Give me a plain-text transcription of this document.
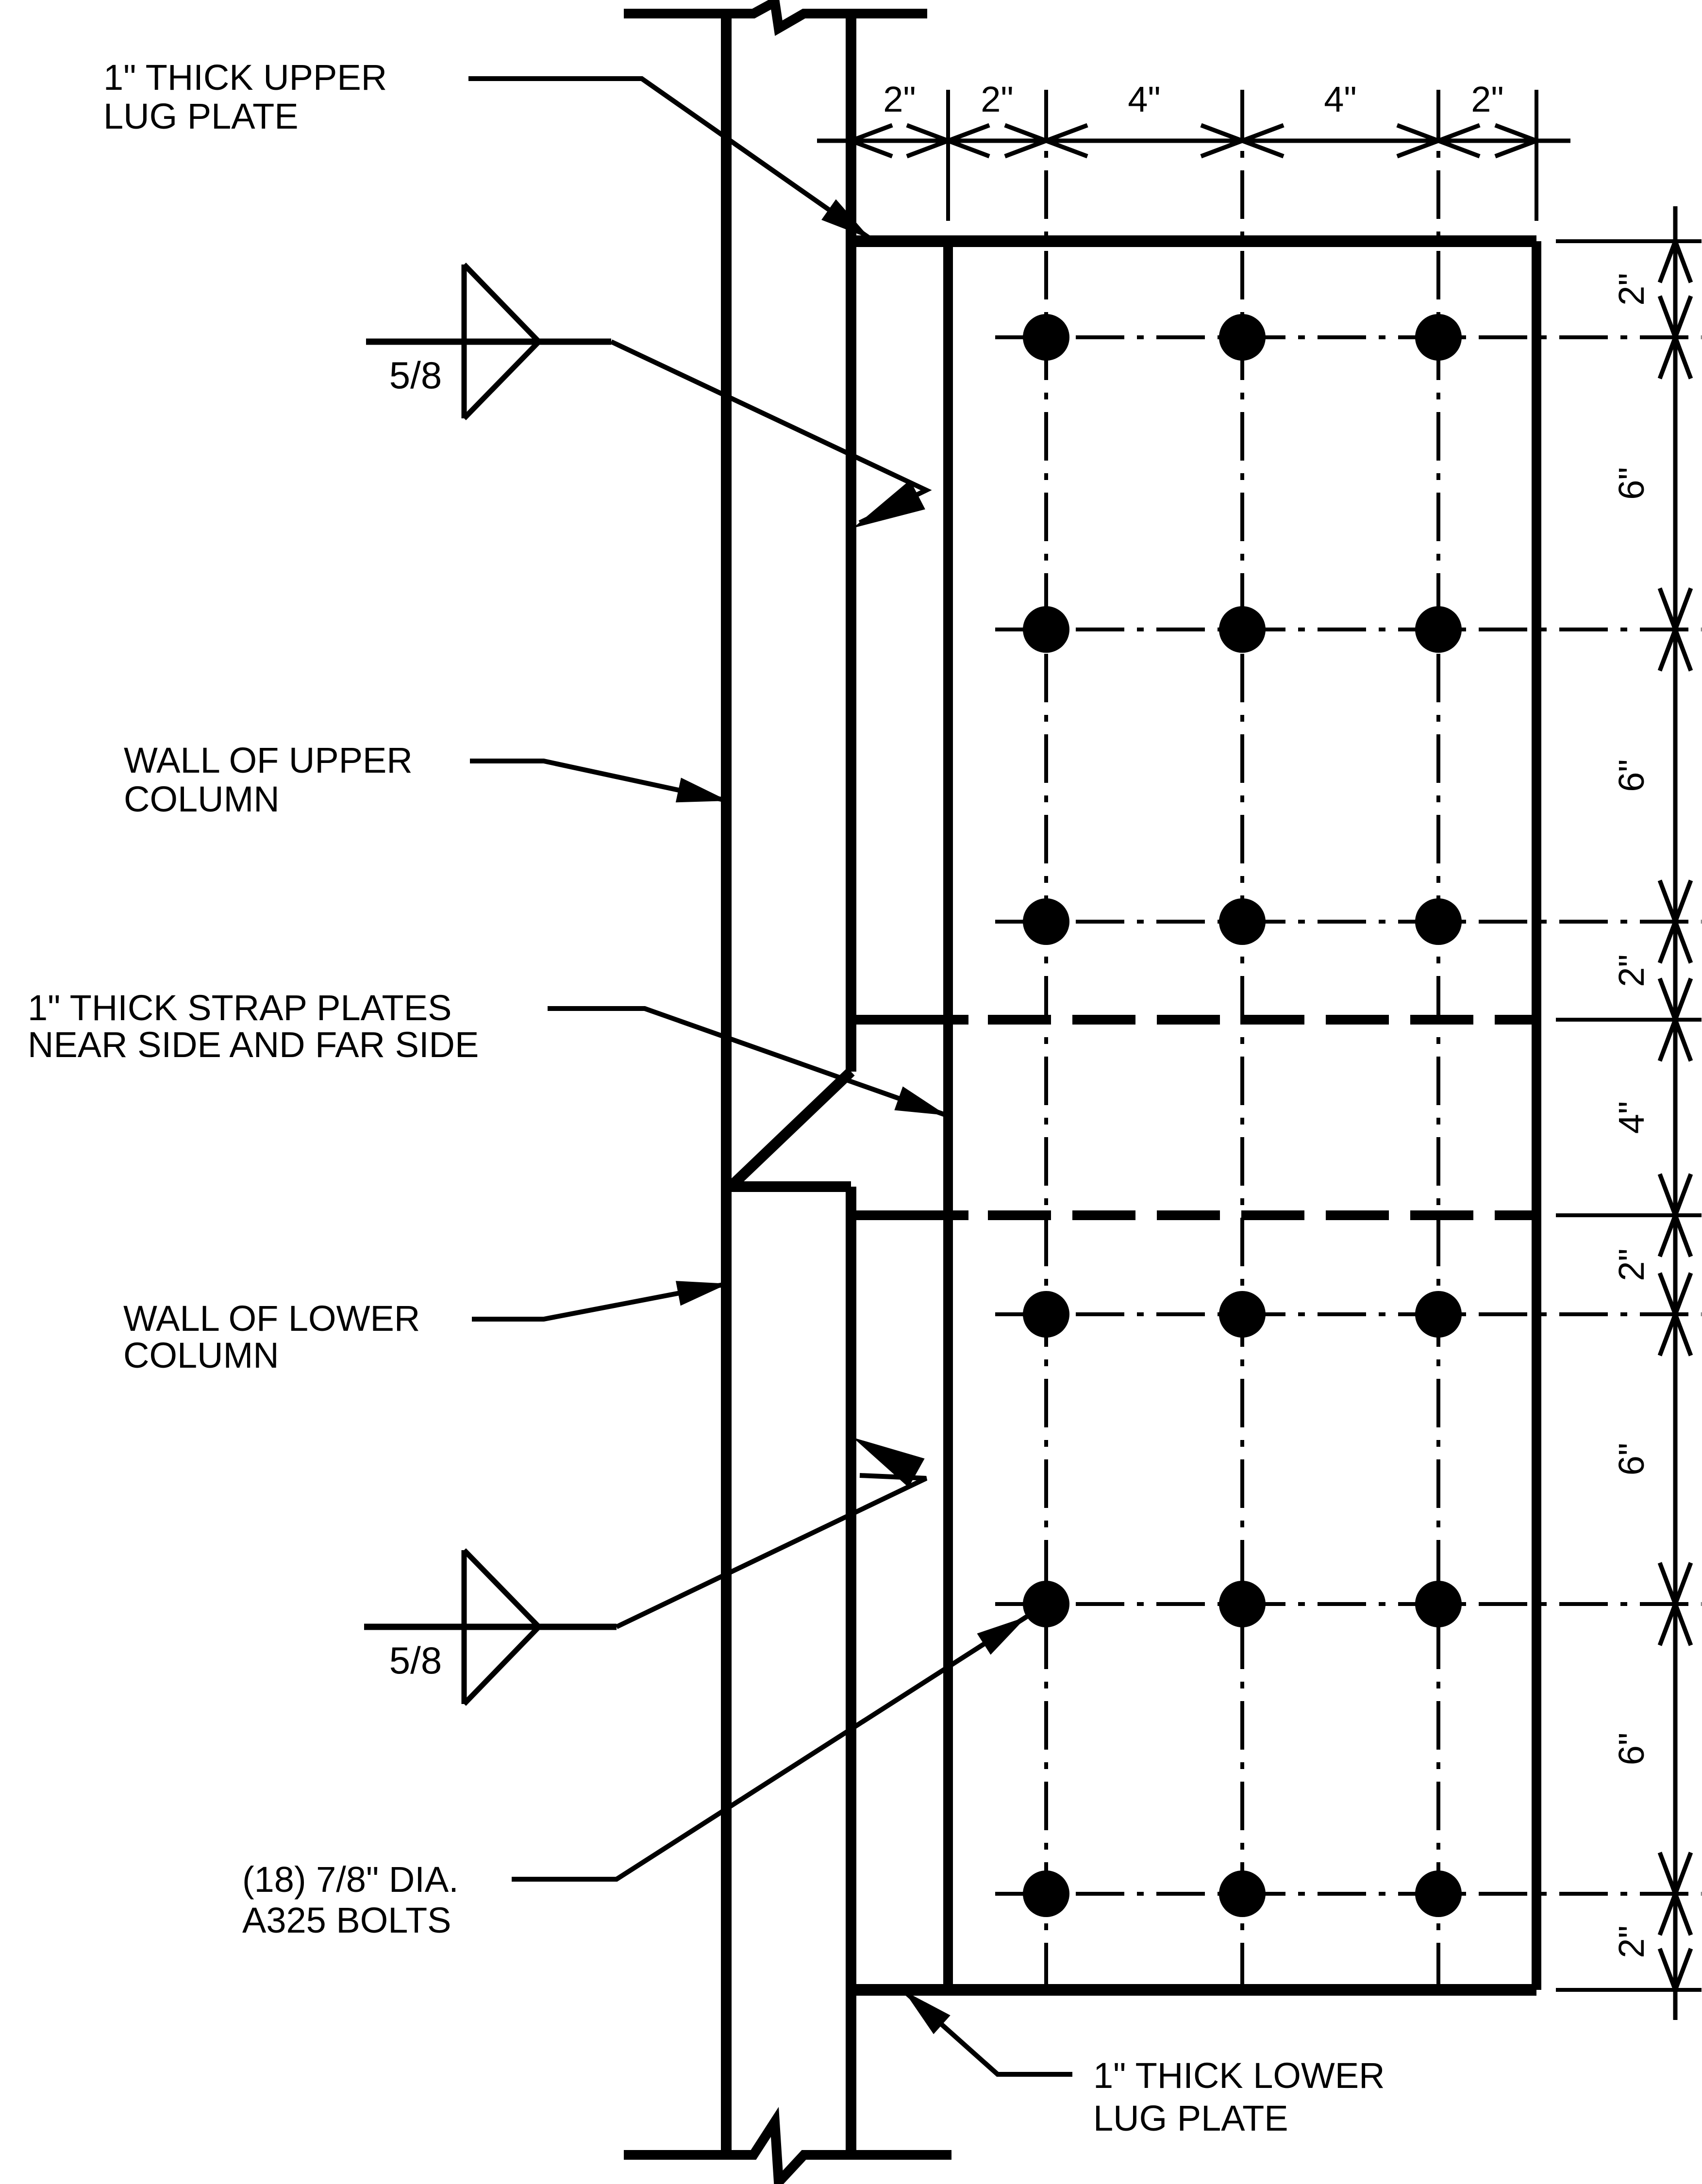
2" 2"	4"	4"	2"
2"
6"
6"
2"
4"
2"
6"
6"
2"
5/8
5/8
1" THICK UPPER
LUG PLATE
WALL OF UPPER
COLUMN
1" THICK STRAP PLATES
NEAR SIDE AND FAR SIDE
WALL OF LOWER
COLUMN
(18) 7/8" DIA.
A325 BOLTS
1" THICK LOWER
LUG PLATE
